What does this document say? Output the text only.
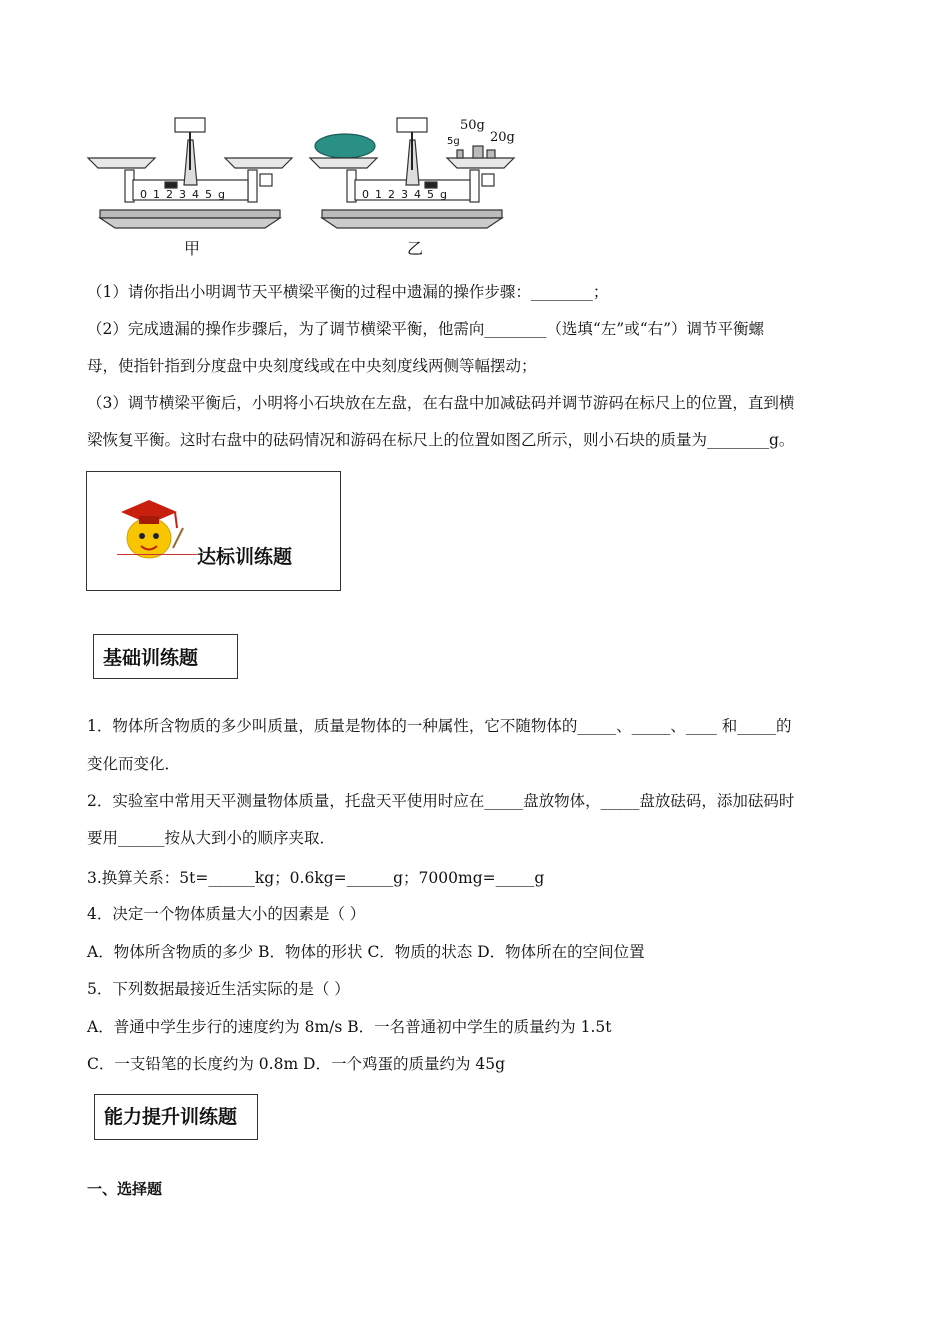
012345g	012345g
5g
50g
20g
甲	乙
（1）请你指出小明调节天平横梁平衡的过程中遗漏的操作步骤：________；
（2）完成遗漏的操作步骤后，为了调节横梁平衡，他需向________（选填“左”或“右”）调节平衡螺
母，使指针指到分度盘中央刻度线或在中央刻度线两侧等幅摆动；
（3）调节横梁平衡后，小明将小石块放在左盘，在右盘中加减砝码并调节游码在标尺上的位置，直到横
梁恢复平衡。这时右盘中的砝码情况和游码在标尺上的位置如图乙所示，则小石块的质量为________g。
达标训练题
基础训练题
1．物体所含物质的多少叫质量，质量是物体的一种属性，它不随物体的_____、_____、____ 和_____的
变化而变化．
2．实验室中常用天平测量物体质量，托盘天平使用时应在_____盘放物体，_____盘放砝码，添加砝码时
要用______按从大到小的顺序夹取．
3.换算关系：5t=______kg；0.6kg=______g；7000mg=_____g
4．决定一个物体质量大小的因素是（ ）
A．物体所含物质的多少 B．物体的形状 C．物质的状态 D．物体所在的空间位置
5．下列数据最接近生活实际的是（ ）
A．普通中学生步行的速度约为 8m/s B．一名普通初中学生的质量约为 1.5t
C．一支铅笔的长度约为 0.8m D．一个鸡蛋的质量约为 45g
能力提升训练题
一、选择题
